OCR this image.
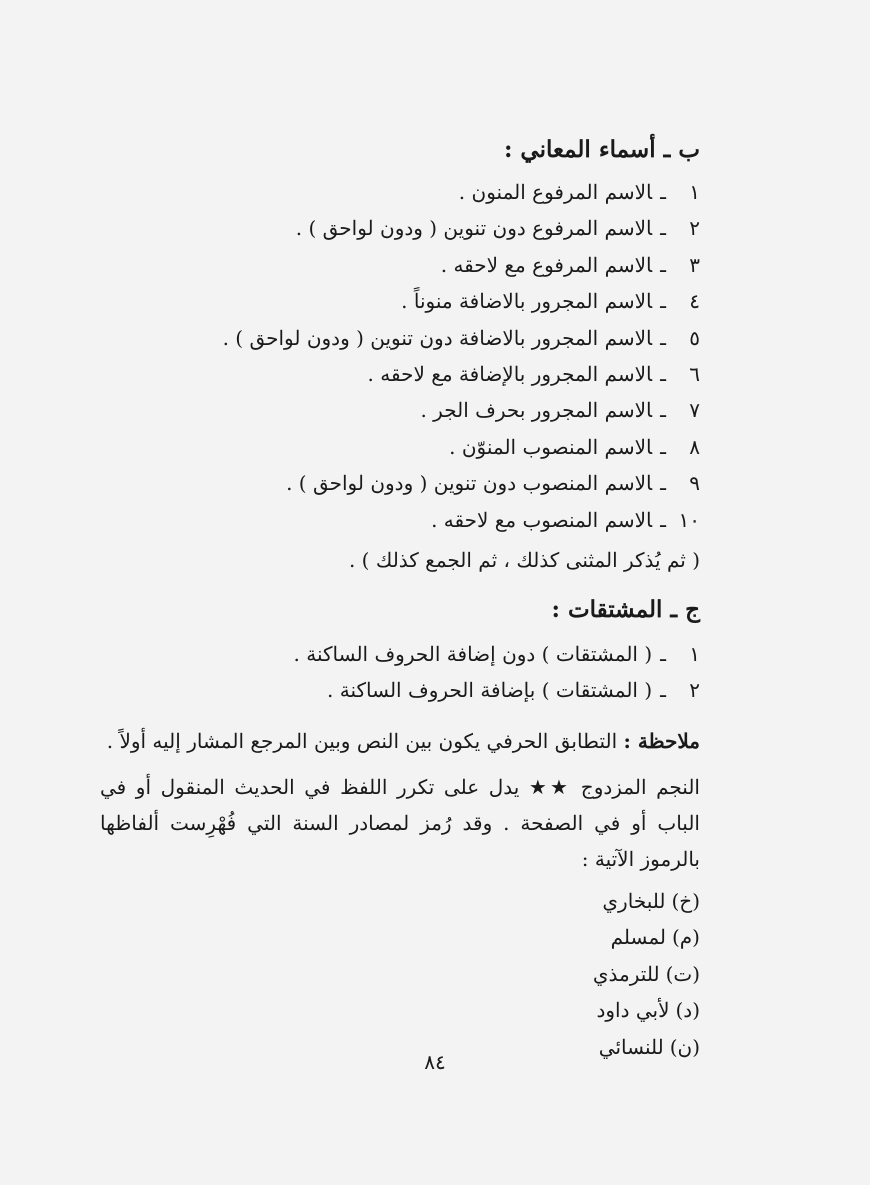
ب ـ أسماء المعاني :
١ـالاسم المرفوع المنون .
٢ـالاسم المرفوع دون تنوين ( ودون لواحق ) .
٣ـالاسم المرفوع مع لاحقه .
٤ـالاسم المجرور بالاضافة منوناً .
٥ـالاسم المجرور بالاضافة دون تنوين ( ودون لواحق ) .
٦ـالاسم المجرور بالإضافة مع لاحقه .
٧ـالاسم المجرور بحرف الجر .
٨ـالاسم المنصوب المنوّن .
٩ـالاسم المنصوب دون تنوين ( ودون لواحق ) .
١٠ـالاسم المنصوب مع لاحقه .

( ثم يُذكر المثنى كذلك ، ثم الجمع كذلك ) .

ج ـ المشتقات :
١ـ( المشتقات ) دون إضافة الحروف الساكنة .
٢ـ( المشتقات ) بإضافة الحروف الساكنة .

ملاحظة : التطابق الحرفي يكون بين النص وبين المرجع المشار إليه أولاً .

النجم المزدوج ★★ يدل على تكرر اللفظ في الحديث المنقول أو في الباب أو في الصفحة . وقد رُمز لمصادر السنة التي فُهْرِست ألفاظها بالرموز الآتية :

(خ)للبخاري
(م)لمسلم
(ت)للترمذي
(د)لأبي داود
(ن)للنسائي
٨٤
